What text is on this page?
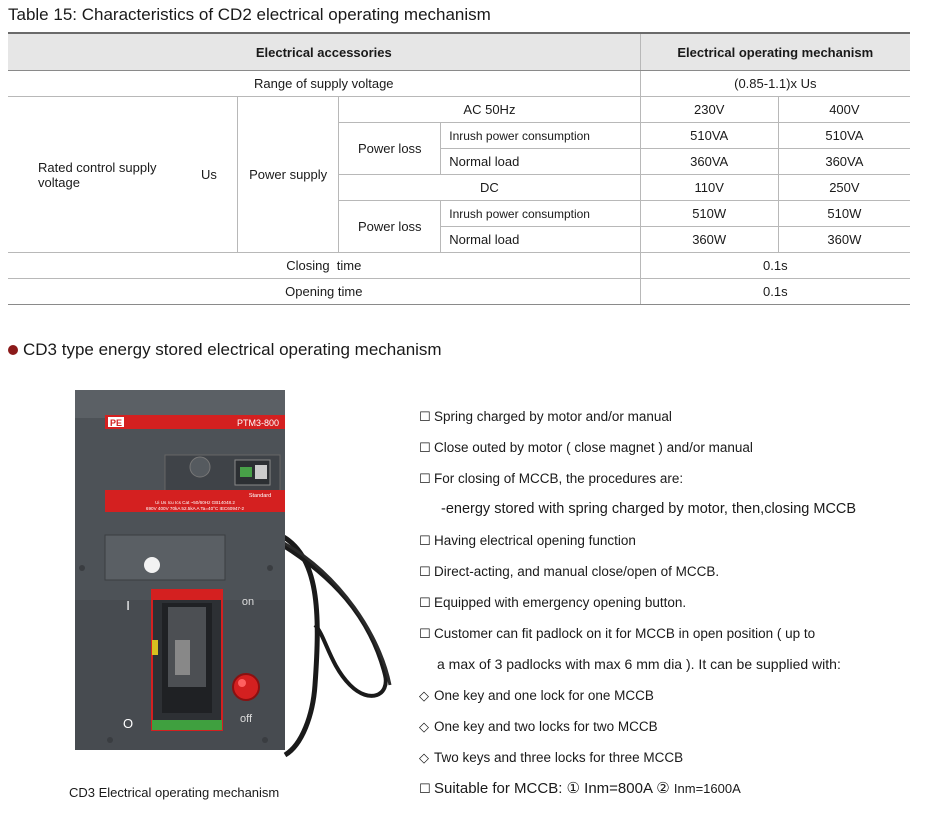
Table 15: Characteristics of CD2 electrical operating mechanism
Electrical accessories				Electrical operating mechanism	
Range of supply voltage				(0.85-1.1)x Us	
Rated control supply voltage Us	Power supply	AC 50Hz		230V	400V
		Power loss	Inrush power consumption	510VA	510VA
			Normal load	360VA	360VA
		DC		110V	250V
		Power loss	Inrush power consumption	510W	510W
			Normal load	360W	360W
Closing  time				0.1s	
Opening time				0.1s	
CD3 type energy stored electrical operating mechanism
PE	PTM3-800
Standard
Ui Us Icu Ics Cat ~50/60Hz GB14048.2
690V 400V 70kA 52.5kA A Ta=40°C IEC60947-2
I	on
O	off
CD3 Electrical operating mechanism
☐ Spring charged by motor and/or manual
☐ Close outed by motor ( close magnet ) and/or manual
☐ For closing of MCCB, the procedures are:
-energy stored with spring charged by motor, then,closing MCCB
☐ Having electrical opening function
☐ Direct-acting, and manual close/open of MCCB.
☐ Equipped with emergency opening button.
☐ Customer can fit padlock on it for MCCB in open position ( up to
a max of 3 padlocks with max 6 mm dia ). It can be supplied with:
◇ One key and one lock for one MCCB
◇ One key and two locks for two MCCB
◇ Two keys and three locks for three MCCB
☐ Suitable for MCCB: ① Inm=800A ②
Inm=1600A
